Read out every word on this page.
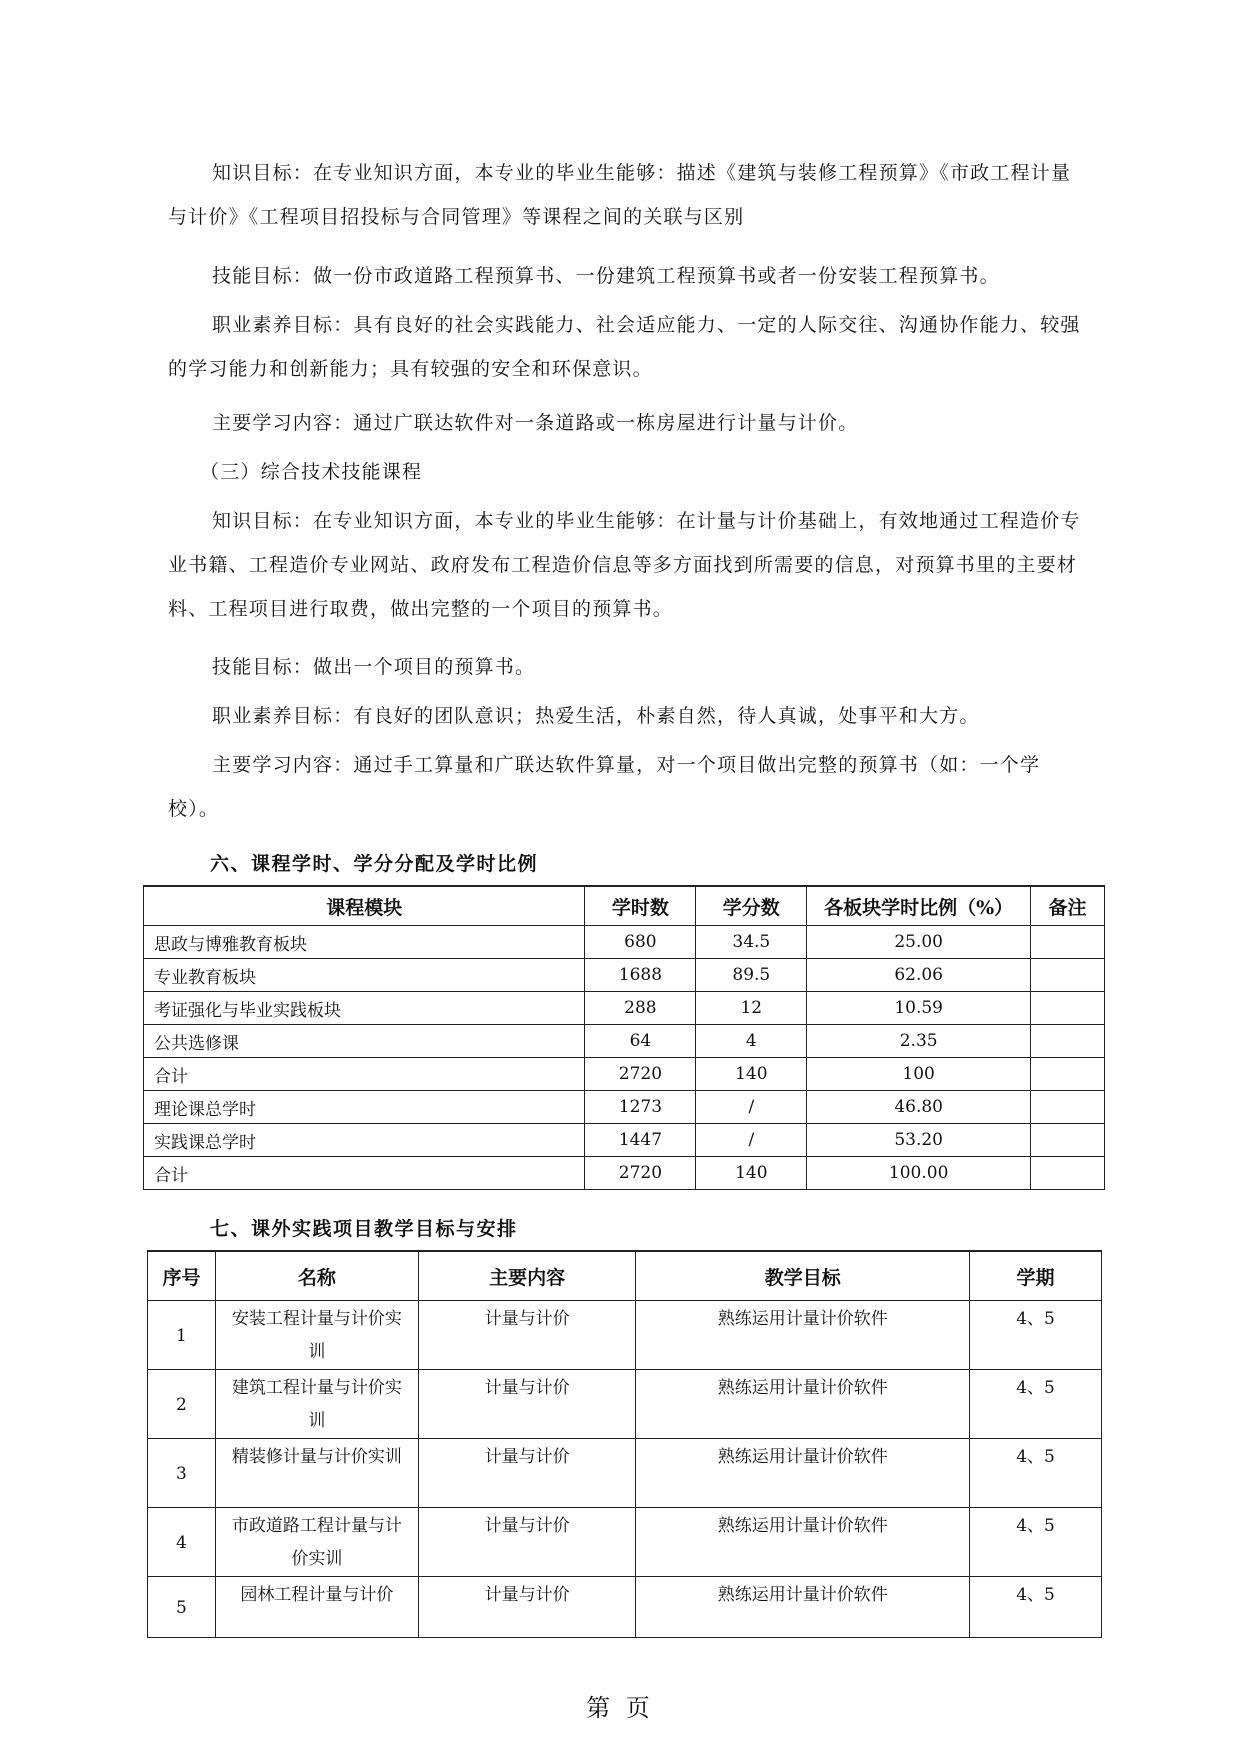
知识目标：在专业知识方面，本专业的毕业生能够：描述《建筑与装修工程预算》《市政工程计量与计价》《工程项目招投标与合同管理》等课程之间的关联与区别
技能目标：做一份市政道路工程预算书、一份建筑工程预算书或者一份安装工程预算书。
职业素养目标：具有良好的社会实践能力、社会适应能力、一定的人际交往、沟通协作能力、较强的学习能力和创新能力；具有较强的安全和环保意识。
主要学习内容：通过广联达软件对一条道路或一栋房屋进行计量与计价。
（三）综合技术技能课程
知识目标：在专业知识方面，本专业的毕业生能够：在计量与计价基础上，有效地通过工程造价专业书籍、工程造价专业网站、政府发布工程造价信息等多方面找到所需要的信息，对预算书里的主要材料、工程项目进行取费，做出完整的一个项目的预算书。
技能目标：做出一个项目的预算书。
职业素养目标：有良好的团队意识；热爱生活，朴素自然，待人真诚，处事平和大方。
主要学习内容：通过手工算量和广联达软件算量，对一个项目做出完整的预算书（如：一个学校）。
六、课程学时、学分分配及学时比例
课程模块	学时数	学分数	各板块学时比例（%）	备注
思政与博雅教育板块	680	34.5	25.00	
专业教育板块	1688	89.5	62.06	
考证强化与毕业实践板块	288	12	10.59	
公共选修课	64	4	2.35	
合计	2720	140	100	
理论课总学时	1273	/	46.80	
实践课总学时	1447	/	53.20	
合计	2720	140	100.00	
七、课外实践项目教学目标与安排
序号	名称	主要内容	教学目标	学期
1	安装工程计量与计价实训	计量与计价	熟练运用计量计价软件	4、5
2	建筑工程计量与计价实训	计量与计价	熟练运用计量计价软件	4、5
3	精装修计量与计价实训	计量与计价	熟练运用计量计价软件	4、5
4	市政道路工程计量与计价实训	计量与计价	熟练运用计量计价软件	4、5
5	园林工程计量与计价	计量与计价	熟练运用计量计价软件	4、5
第 页
